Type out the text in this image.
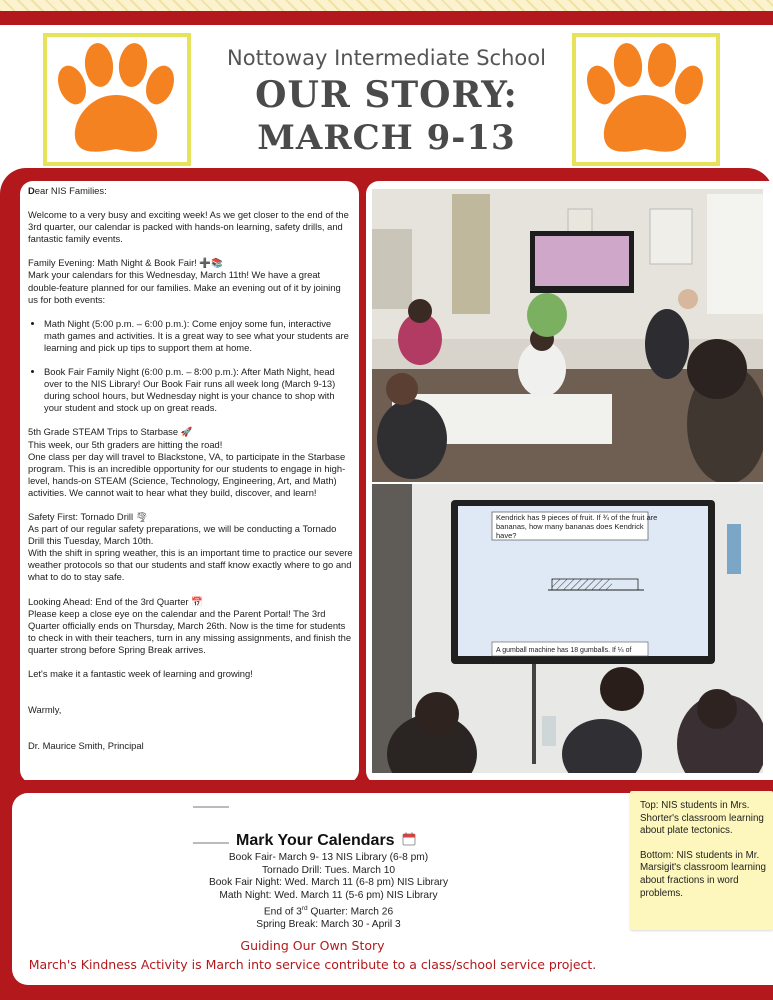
Nottoway Intermediate School
OUR STORY:
MARCH 9-13

Dear NIS Families:

Welcome to a very busy and exciting week! As we get closer to the end of the 3rd quarter, our calendar is packed with hands-on learning, safety drills, and fantastic family events.

Family Evening: Math Night & Book Fair! ➕📚

Mark your calendars for this Wednesday, March 11th! We have a great double-feature planned for our families. Make an evening out of it by joining us for both events:

• Math Night (5:00 p.m. – 6:00 p.m.): Come enjoy some fun, interactive math games and activities. It is a great way to see what your students are learning and pick up tips to support them at home.
• Book Fair Family Night (6:00 p.m. – 8:00 p.m.): After Math Night, head over to the NIS Library! Our Book Fair runs all week long (March 9-13) during school hours, but Wednesday night is your chance to shop with your student and stock up on great reads.

5th Grade STEAM Trips to Starbase 🚀

This week, our 5th graders are hitting the road!

One class per day will travel to Blackstone, VA, to participate in the Starbase program. This is an incredible opportunity for our students to engage in high-level, hands-on STEAM (Science, Technology, Engineering, Art, and Math) activities. We cannot wait to hear what they build, discover, and learn!

Safety First: Tornado Drill 🌪

As part of our regular safety preparations, we will be conducting a Tornado Drill this Tuesday, March 10th.

With the shift in spring weather, this is an important time to practice our severe weather protocols so that our students and staff know exactly where to go and what to do to stay safe.

Looking Ahead: End of the 3rd Quarter 📅

Please keep a close eye on the calendar and the Parent Portal! The 3rd Quarter officially ends on Thursday, March 26th. Now is the time for students to check in with their teachers, turn in any missing assignments, and finish the quarter strong before Spring Break arrives.

Let's make it a fantastic week of learning and growing!

Warmly,

Dr. Maurice Smith, Principal

Kendrick has 9 pieces of fruit. If ¾ of the fruit are
bananas, how many bananas does Kendrick
have?
A gumball machine has 18 gumballs. If ¼ of
Mark Your Calendars
Book Fair- March 9- 13 NIS Library (6-8 pm)
Tornado Drill: Tues. March 10
Book Fair Night: Wed. March 11 (6-8 pm) NIS Library
Math Night: Wed. March 11 (5-6 pm) NIS Library
End of 3rd Quarter: March 26
Spring Break: March 30 - April 3
Guiding Our Own Story
March's Kindness Activity is March into service contribute to a class/school service project.

Top: NIS students in Mrs. Shorter's classroom learning about plate tectonics.

Bottom: NIS students in Mr. Marsigit's classroom learning about fractions in word problems.
